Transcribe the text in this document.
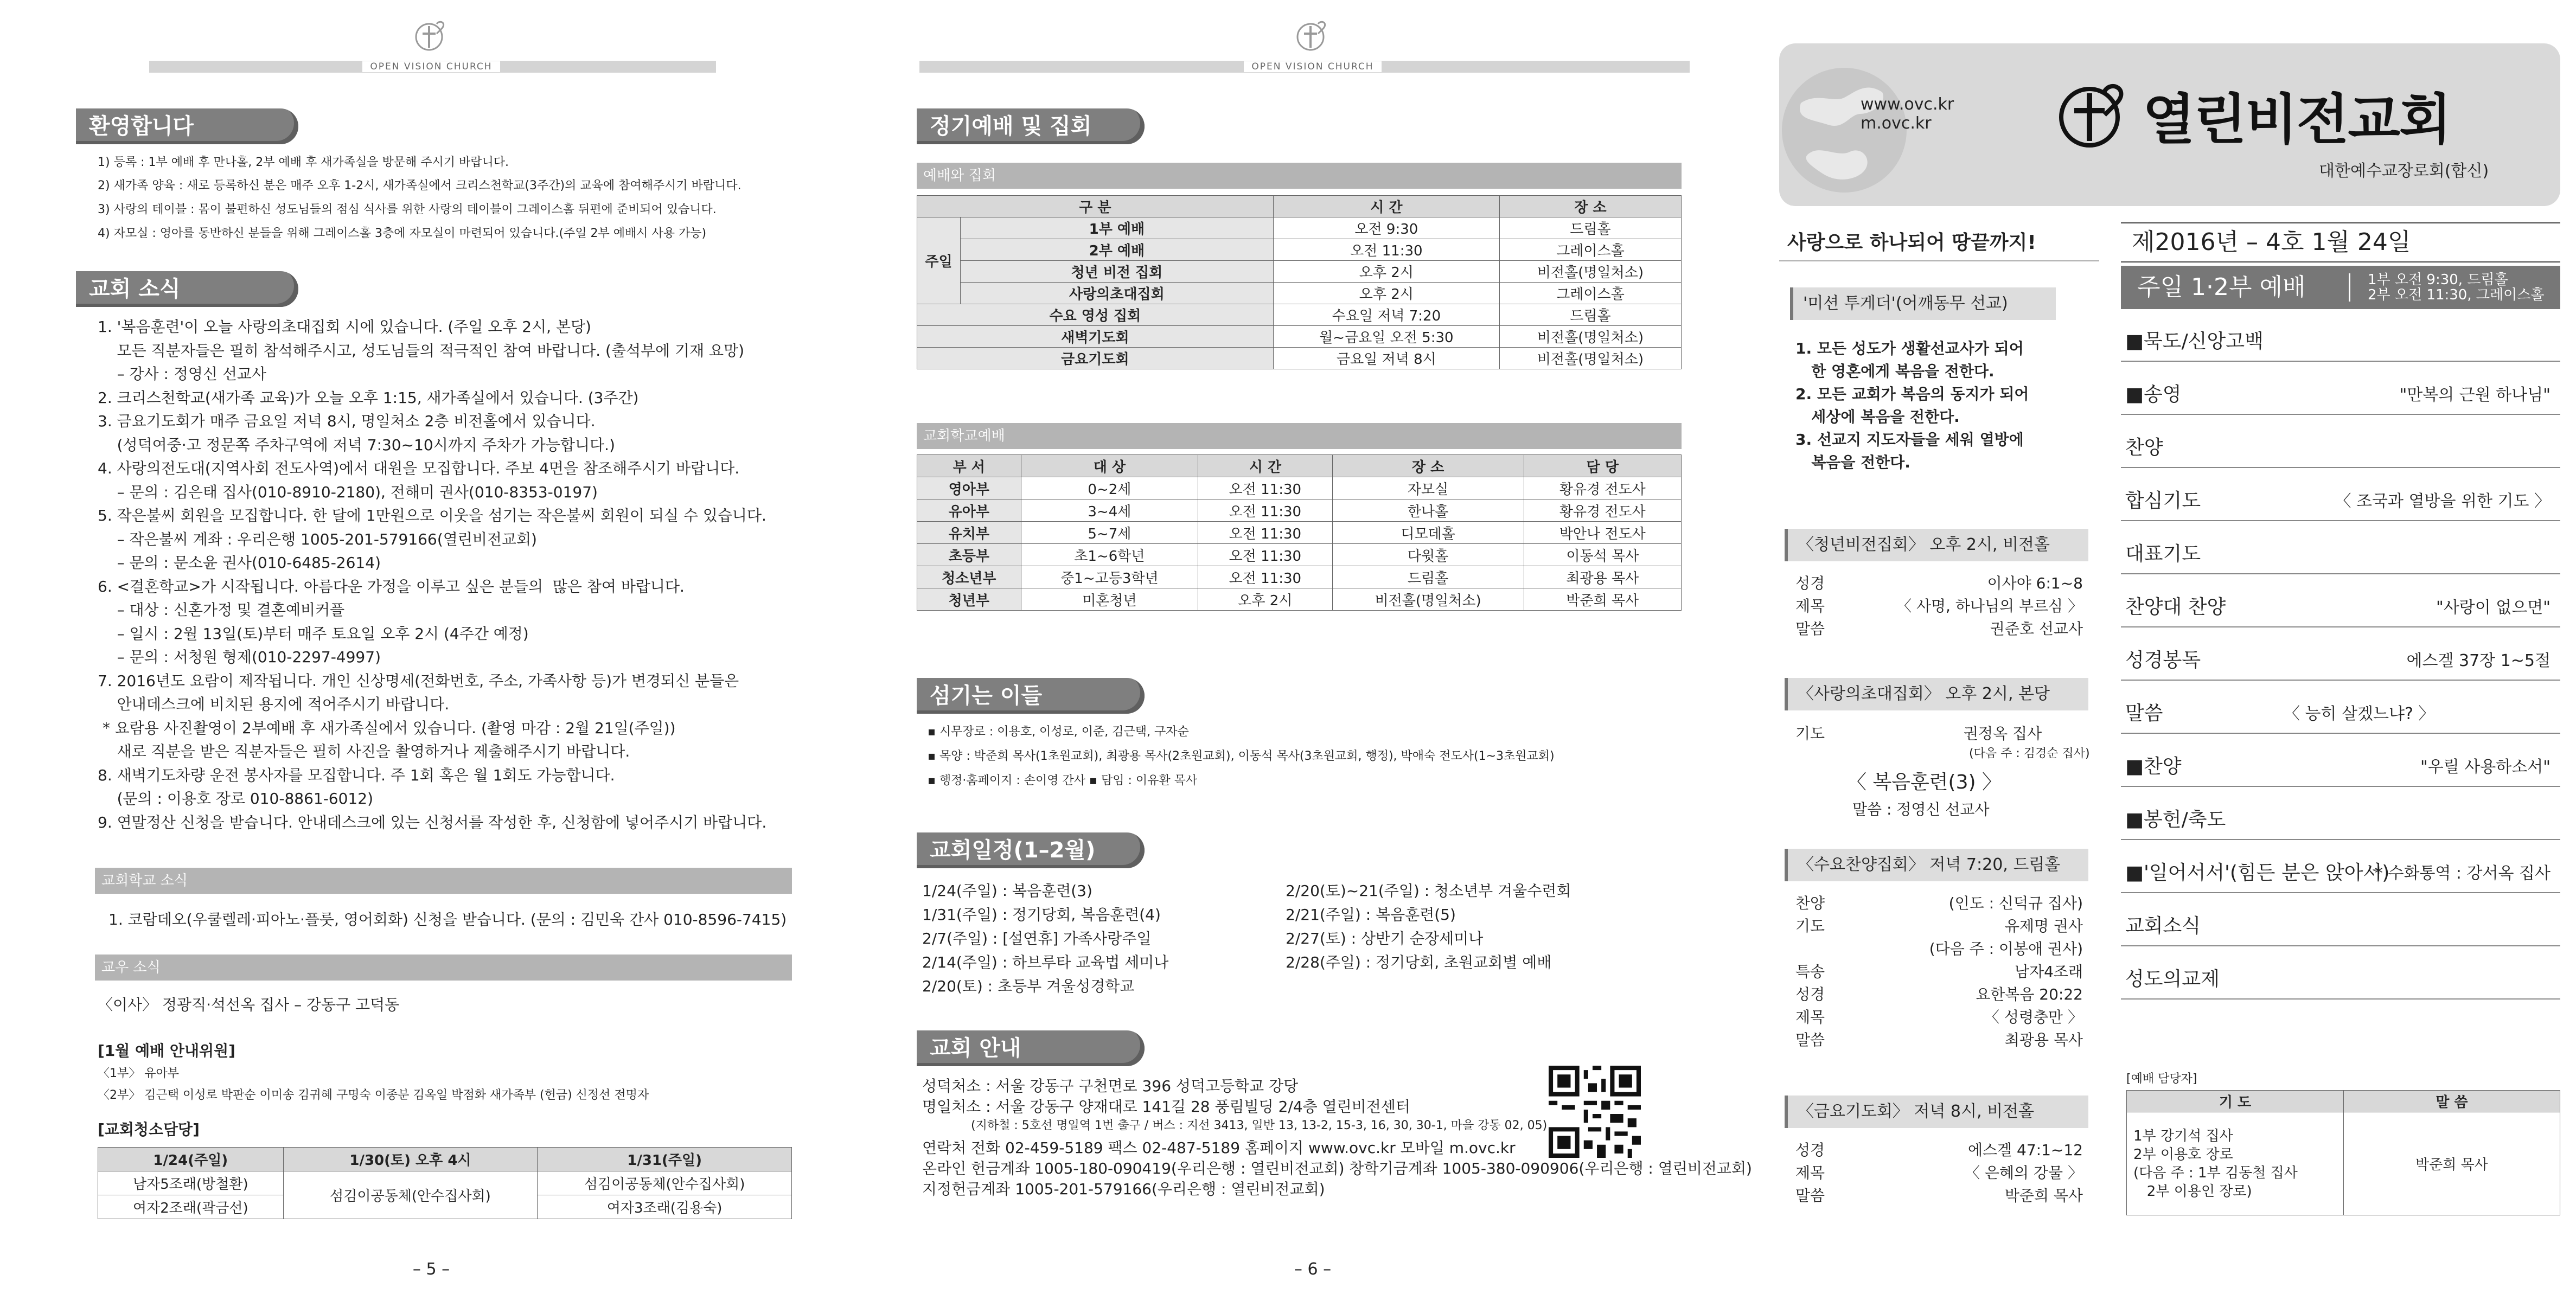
OPEN VISION CHURCH
환영합니다
1) 등록 : 1부 예배 후 만나홀, 2부 예배 후 새가족실을 방문해 주시기 바랍니다.
2) 새가족 양육 : 새로 등록하신 분은 매주 오후 1-2시, 새가족실에서 크리스천학교(3주간)의 교육에 참여해주시기 바랍니다.
3) 사랑의 테이블 : 몸이 불편하신 성도님들의 점심 식사를 위한 사랑의 테이블이 그레이스홀 뒤편에 준비되어 있습니다.
4) 자모실 : 영아를 동반하신 분들을 위해 그레이스홀 3층에 자모실이 마련되어 있습니다.(주일 2부 예배시 사용 가능)
교회 소식
교회학교 소식
1. 코람데오(우쿨렐레·피아노·플룻, 영어회화) 신청을 받습니다. (문의 : 김민욱 간사 010-8596-7415)
교우 소식
〈이사〉 정광직·석선옥 집사 – 강동구 고덕동
[1월 예배 안내위원]
〈1부〉 유아부
〈2부〉 김근택 이성로 박판순 이미송 김귀혜 구명숙 이종분 김옥일 박점화 새가족부 (헌금) 신정선 전명자
[교회청소담당]
1/24(주일)	1/30(토) 오후 4시	1/31(주일)
남자5조래(방철환)	섬김이공동체(안수집사회)	섬김이공동체(안수집사회)
여자2조래(곽금선)		여자3조래(김용숙)
– 5 –
1. '복음훈련'이 오늘 사랑의초대집회 시에 있습니다. (주일 오후 2시, 본당)
모든 직분자들은 필히 참석해주시고, 성도님들의 적극적인 참여 바랍니다. (출석부에 기재 요망)
– 강사 : 정영신 선교사
2. 크리스천학교(새가족 교육)가 오늘 오후 1:15, 새가족실에서 있습니다. (3주간)
3. 금요기도회가 매주 금요일 저녁 8시, 명일처소 2층 비전홀에서 있습니다.
(성덕여중·고 정문쪽 주차구역에 저녁 7:30~10시까지 주차가 가능합니다.)
4. 사랑의전도대(지역사회 전도사역)에서 대원을 모집합니다. 주보 4면을 참조해주시기 바랍니다.
– 문의 : 김은태 집사(010-8910-2180), 전해미 권사(010-8353-0197)
5. 작은불씨 회원을 모집합니다. 한 달에 1만원으로 이웃을 섬기는 작은불씨 회원이 되실 수 있습니다.
– 작은불씨 계좌 : 우리은행 1005-201-579166(열린비전교회)
– 문의 : 문소윤 권사(010-6485-2614)
6. <결혼학교>가 시작됩니다. 아름다운 가정을 이루고 싶은 분들의  많은 참여 바랍니다.
– 대상 : 신혼가정 및 결혼예비커플
– 일시 : 2월 13일(토)부터 매주 토요일 오후 2시 (4주간 예정)
– 문의 : 서청원 형제(010-2297-4997)
7. 2016년도 요람이 제작됩니다. 개인 신상명세(전화번호, 주소, 가족사항 등)가 변경되신 분들은
안내데스크에 비치된 용지에 적어주시기 바랍니다.
* 요람용 사진촬영이 2부예배 후 새가족실에서 있습니다. (촬영 마감 : 2월 21일(주일))
새로 직분을 받은 직분자들은 필히 사진을 촬영하거나 제출해주시기 바랍니다.
8. 새벽기도차량 운전 봉사자를 모집합니다. 주 1회 혹은 월 1회도 가능합니다.
(문의 : 이용호 장로 010-8861-6012)
9. 연말정산 신청을 받습니다. 안내데스크에 있는 신청서를 작성한 후, 신청함에 넣어주시기 바랍니다.
OPEN VISION CHURCH
정기예배 및 집회
예배와 집회
구 분		시 간	장 소
주일	1부 예배	오전 9:30	드림홀
	2부 예배	오전 11:30	그레이스홀
	청년 비전 집회	오후 2시	비전홀(명일처소)
	사랑의초대집회	오후 2시	그레이스홀
수요 영성 집회		수요일 저녁 7:20	드림홀
새벽기도회		월~금요일 오전 5:30	비전홀(명일처소)
금요기도회		금요일 저녁 8시	비전홀(명일처소)
교회학교예배
부 서	대 상	시 간	장 소	담 당
영아부	0~2세	오전 11:30	자모실	황유경 전도사
유아부	3~4세	오전 11:30	한나홀	황유경 전도사
유치부	5~7세	오전 11:30	디모데홀	박안나 전도사
초등부	초1~6학년	오전 11:30	다윗홀	이동석 목사
청소년부	중1~고등3학년	오전 11:30	드림홀	최광용 목사
청년부	미혼청년	오후 2시	비전홀(명일처소)	박준희 목사
섬기는 이들
▪ 시무장로 : 이용호, 이성로, 이준, 김근택, 구자순
▪ 목양 : 박준희 목사(1초원교회), 최광용 목사(2초원교회), 이동석 목사(3초원교회, 행정), 박애숙 전도사(1~3초원교회)
▪ 행정·홈페이지 : 손이영 간사 ▪ 담임 : 이유환 목사
교회일정(1–2월)
교회 안내
– 6 –
1/24(주일) : 복음훈련(3)
1/31(주일) : 정기당회, 복음훈련(4)
2/7(주일) : [설연휴] 가족사랑주일
2/14(주일) : 하브루타 교육법 세미나
2/20(토) : 초등부 겨울성경학교
2/20(토)~21(주일) : 청소년부 겨울수련회
2/21(주일) : 복음훈련(5)
2/27(토) : 상반기 순장세미나
2/28(주일) : 정기당회, 초원교회별 예배
성덕처소 : 서울 강동구 구천면로 396 성덕고등학교 강당
명일처소 : 서울 강동구 양재대로 141길 28 풍림빌딩 2/4층 열린비전센터
(지하철 : 5호선 명일역 1번 출구 / 버스 : 지선 3413, 일반 13, 13-2, 15-3, 16, 30, 30-1, 마을 강동 02, 05)
연락처 전화 02-459-5189 팩스 02-487-5189 홈페이지 www.ovc.kr 모바일 m.ovc.kr
온라인 헌금계좌 1005-180-090419(우리은행 : 열린비전교회) 창학기금계좌 1005-380-090906(우리은행 : 열린비전교회)
지정헌금계좌 1005-201-579166(우리은행 : 열린비전교회)
www.ovc.kr
m.ovc.kr	열린비전교회
대한예수교장로회(합신)
사랑으로 하나되어 땅끝까지!
'미션 투게더'(어깨동무 선교)
〈청년비전집회〉 오후 2시, 비전홀
〈사랑의초대집회〉 오후 2시, 본당
기도	권정옥 집사
(다음 주 : 김경순 집사)
〈 복음훈련(3) 〉
말씀 : 정영신 선교사
〈수요찬양집회〉 저녁 7:20, 드림홀
〈금요기도회〉 저녁 8시, 비전홀
제2016년 – 4호 1월 24일
주일 1·2부 예배	1부 오전 9:30, 드림홀
2부 오전 11:30, 그레이스홀
[예배 담당자]
기 도	말 씀

1부 강기석 집사
2부 이용호 장로
(다음 주 : 1부 김동철 집사
2부 이용인 장로)	박준희 목사
1. 모든 성도가 생활선교사가 되어
한 영혼에게 복음을 전한다.
2. 모든 교회가 복음의 동지가 되어
세상에 복음을 전한다.
3. 선교지 지도자들을 세워 열방에
복음을 전한다.
성경	이사야 6:1~8
제목	〈 사명, 하나님의 부르심 〉
말씀	권준호 선교사
찬양	(인도 : 신덕규 집사)
기도	유제명 권사
(다음 주 : 이봉애 권사)
특송	남자4조래
성경	요한복음 20:22
제목	〈 성령충만 〉
말씀	최광용 목사
성경	에스겔 47:1~12
제목	〈 은혜의 강물 〉
말씀	박준희 목사
■묵도/신앙고백
■송영	"만복의 근원 하나님"
찬양
합심기도	〈 조국과 열방을 위한 기도 〉
대표기도
찬양대 찬양	"사랑이 없으면"
성경봉독	에스겔 37장 1~5절
말씀	〈 능히 살겠느냐? 〉
■찬양	"우릴 사용하소서"
■봉헌/축도
■'일어서서'(힘든 분은 앉아서)
* 수화통역 : 강서옥 집사
교회소식
성도의교제
